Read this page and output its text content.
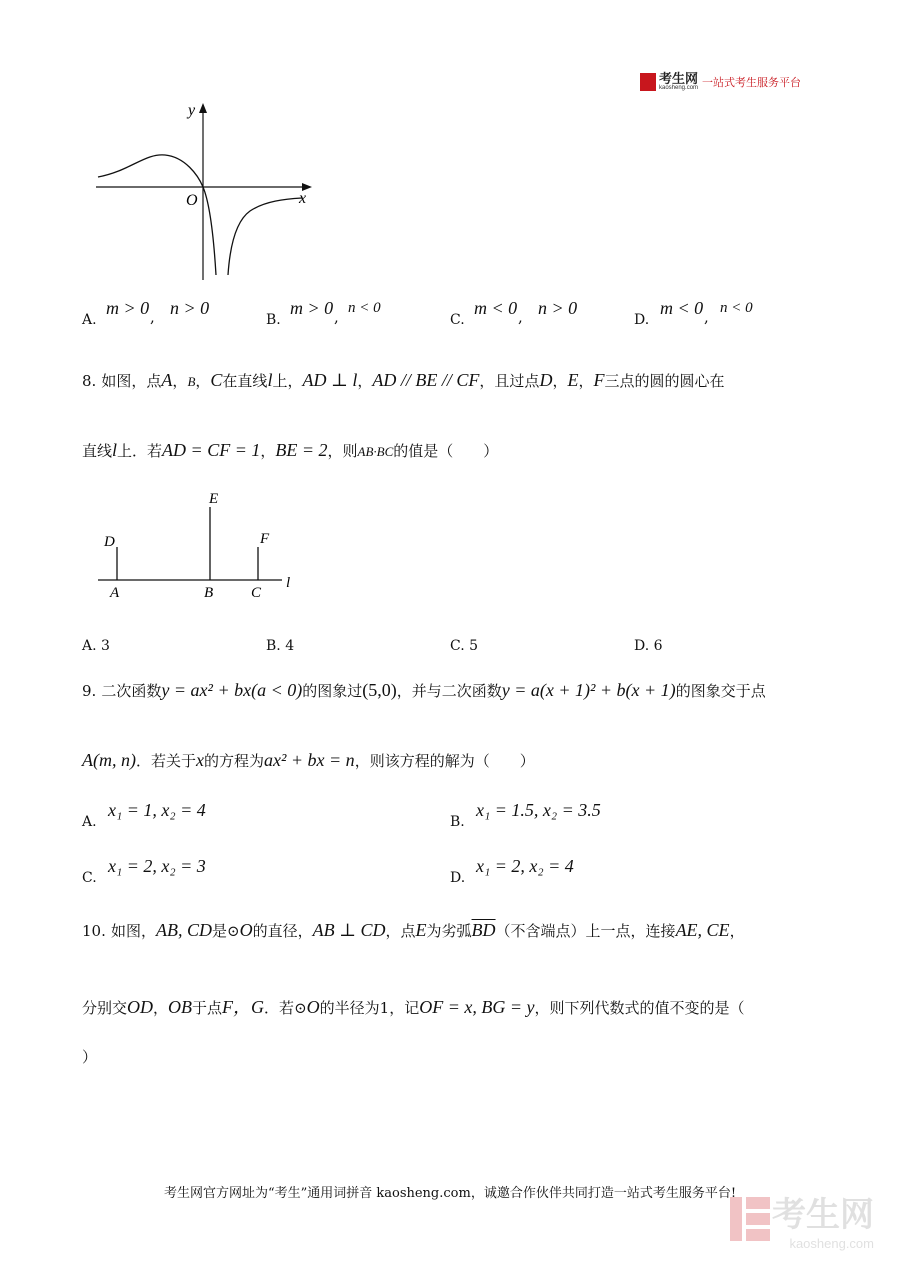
考生网
kaosheng.com 一站式考生服务平台
y
x
O
A.
m > 0 , n > 0
B.
m > 0 , n < 0
C.
m < 0 , n > 0
D.
m < 0 , n < 0
8. 如图，点A，B，C在直线l上，AD ⊥ l，AD // BE // CF，且过点D，E，F三点的圆的圆心在
直线l上．若AD = CF = 1，BE = 2，则AB·BC的值是（　　）
E
D	F
A	B	C
l
A. 3	B. 4	C. 5	D. 6
9. 二次函数y = ax² + bx(a < 0)的图象过(5,0)，并与二次函数y = a(x + 1)² + b(x + 1)的图象交于点
A(m, n)．若关于x的方程为ax² + bx = n，则该方程的解为（　　）
A.
x₁ = 1, x₂ = 4
B.
x₁ = 1.5, x₂ = 3.5
C.
x₁ = 2, x₂ = 3
D.
x₁ = 2, x₂ = 4
10. 如图，AB, CD是⊙O的直径，AB ⊥ CD，点E为劣弧$\overline{BD}$（不含端点）上一点，连接AE, CE，
分别交OD，OB于点F，G．若⊙O的半径为1，记OF = x, BG = y，则下列代数式的值不变的是（
）
考生网官方网址为“考生”通用词拼音 kaosheng.com，诚邀合作伙伴共同打造一站式考生服务平台!
考生网
kaosheng.com
